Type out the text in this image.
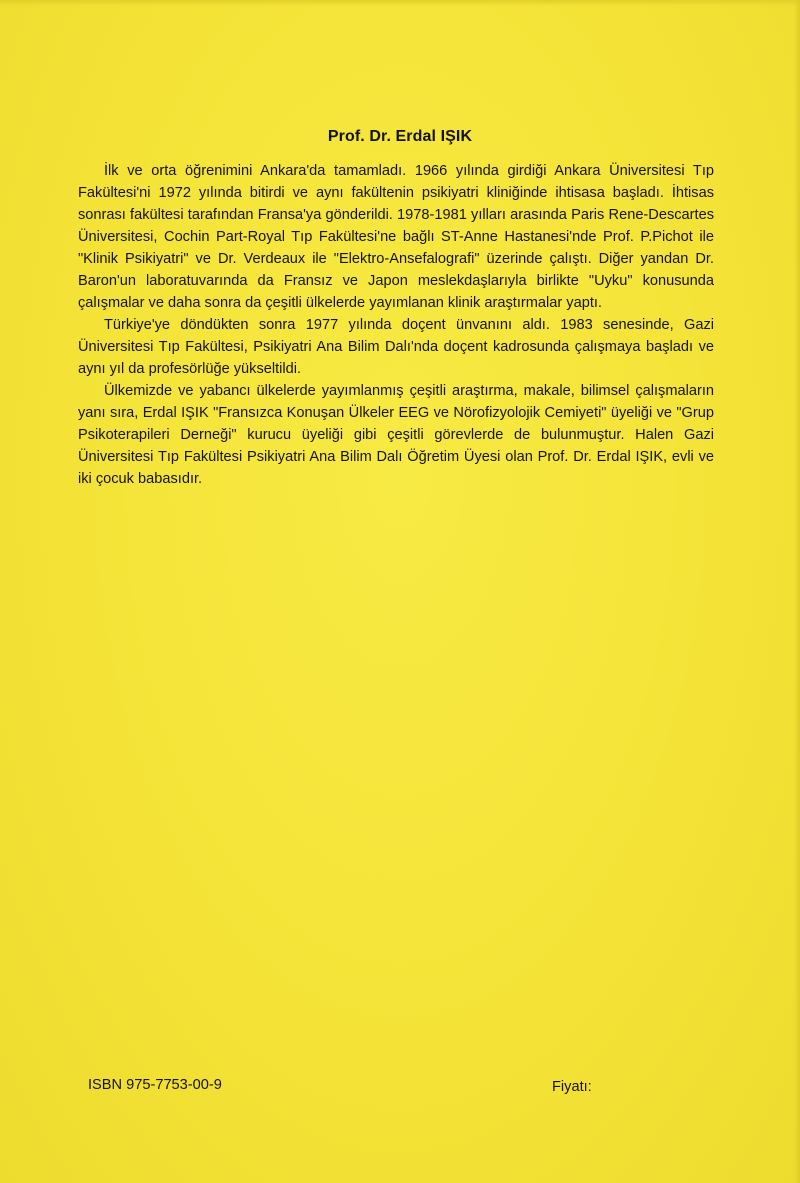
Prof. Dr. Erdal IŞIK

İlk ve orta öğrenimini Ankara'da tamamladı. 1966 yılında girdiği Ankara Üniversitesi Tıp Fakültesi'ni 1972 yılında bitirdi ve aynı fakültenin psikiyatri kliniğinde ihtisasa başladı. İhtisas sonrası fakültesi tarafından Fransa'ya gönderildi. 1978-1981 yılları arasında Paris Rene-Descartes Üniversitesi, Cochin Part-Royal Tıp Fakültesi'ne bağlı ST-Anne Hastanesi'nde Prof. P.Pichot ile "Klinik Psikiyatri" ve Dr. Verdeaux ile "Elektro-Ansefalografi" üzerinde çalıştı. Diğer yandan Dr. Baron'un laboratuvarında da Fransız ve Japon meslekdaşlarıyla birlikte "Uyku" konusunda çalışmalar ve daha sonra da çeşitli ülkelerde yayımlanan klinik araştırmalar yaptı.

Türkiye'ye döndükten sonra 1977 yılında doçent ünvanını aldı. 1983 senesinde, Gazi Üniversitesi Tıp Fakültesi, Psikiyatri Ana Bilim Dalı'nda doçent kadrosunda çalışmaya başladı ve aynı yıl da profesörlüğe yükseltildi.

Ülkemizde ve yabancı ülkelerde yayımlanmış çeşitli araştırma, makale, bilimsel çalışmaların yanı sıra, Erdal IŞIK "Fransızca Konuşan Ülkeler EEG ve Nörofizyolojik Cemiyeti" üyeliği ve "Grup Psikoterapileri Derneği" kurucu üyeliği gibi çeşitli görevlerde de bulunmuştur. Halen Gazi Üniversitesi Tıp Fakültesi Psikiyatri Ana Bilim Dalı Öğretim Üyesi olan Prof. Dr. Erdal IŞIK, evli ve iki çocuk babasıdır.

ISBN 975-7753-00-9	Fiyatı:
